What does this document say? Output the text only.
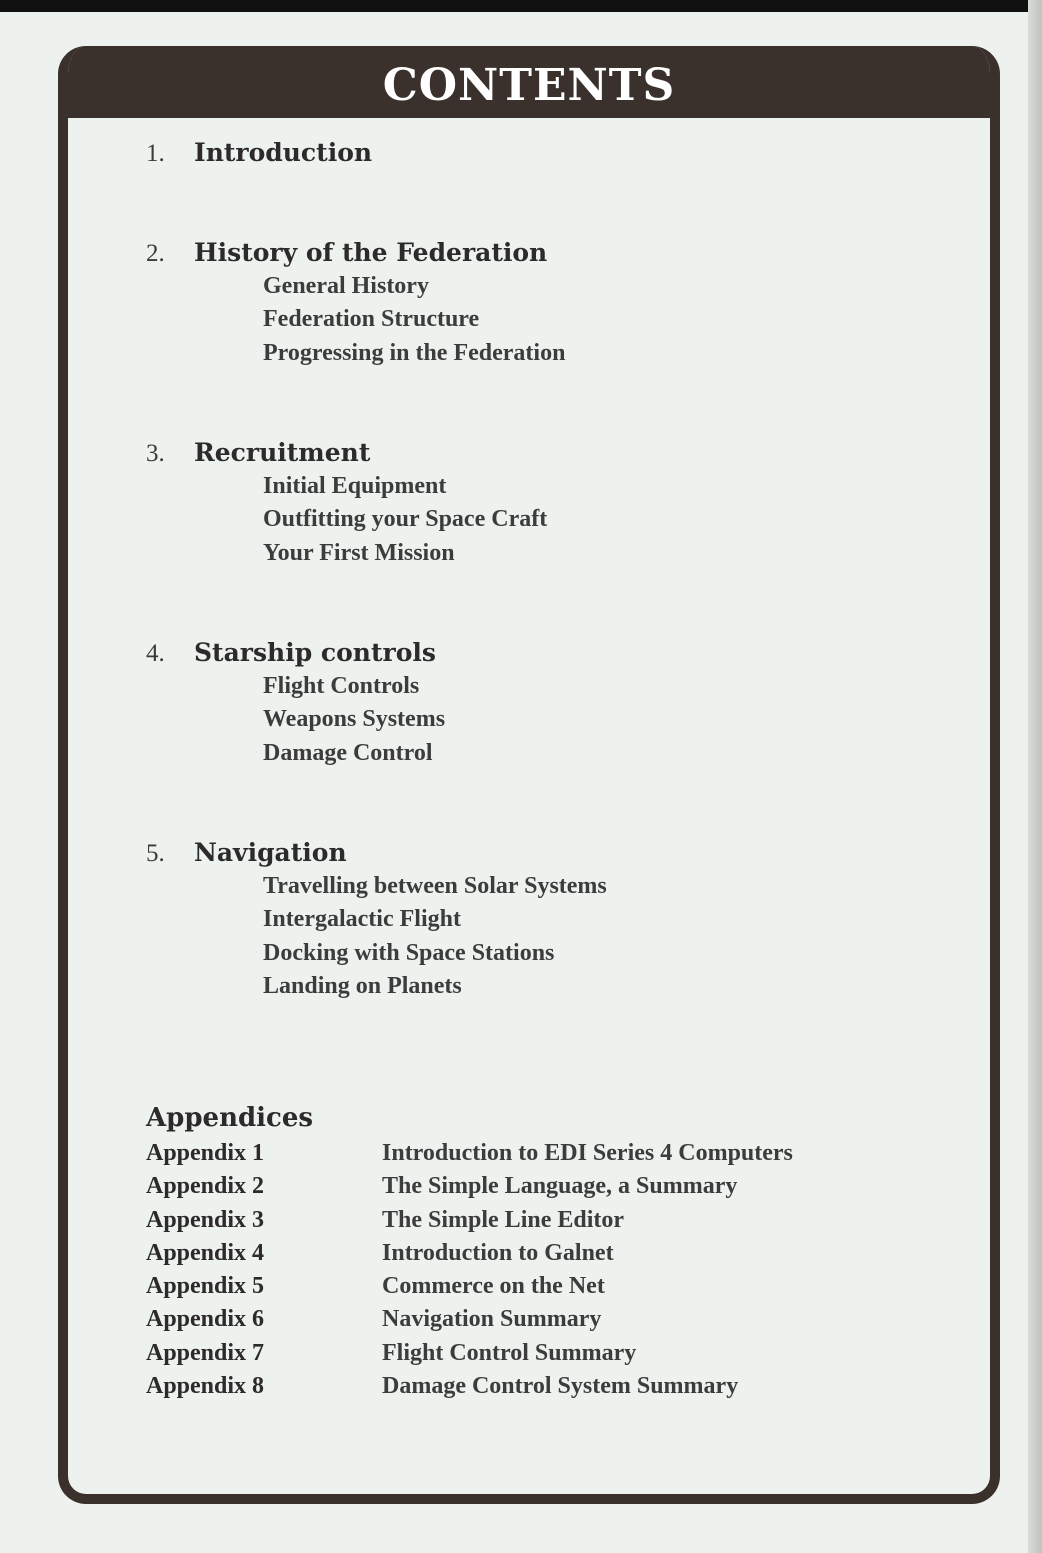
CONTENTS
1. Introduction
2. History of the Federation
General History
Federation Structure
Progressing in the Federation
3. Recruitment
Initial Equipment
Outfitting your Space Craft
Your First Mission
4. Starship controls
Flight Controls
Weapons Systems
Damage Control
5. Navigation
Travelling between Solar Systems
Intergalactic Flight
Docking with Space Stations
Landing on Planets
Appendices
Appendix 1	Introduction to EDI Series 4 Computers
Appendix 2	The Simple Language, a Summary
Appendix 3	The Simple Line Editor
Appendix 4	Introduction to Galnet
Appendix 5	Commerce on the Net
Appendix 6	Navigation Summary
Appendix 7	Flight Control Summary
Appendix 8	Damage Control System Summary
